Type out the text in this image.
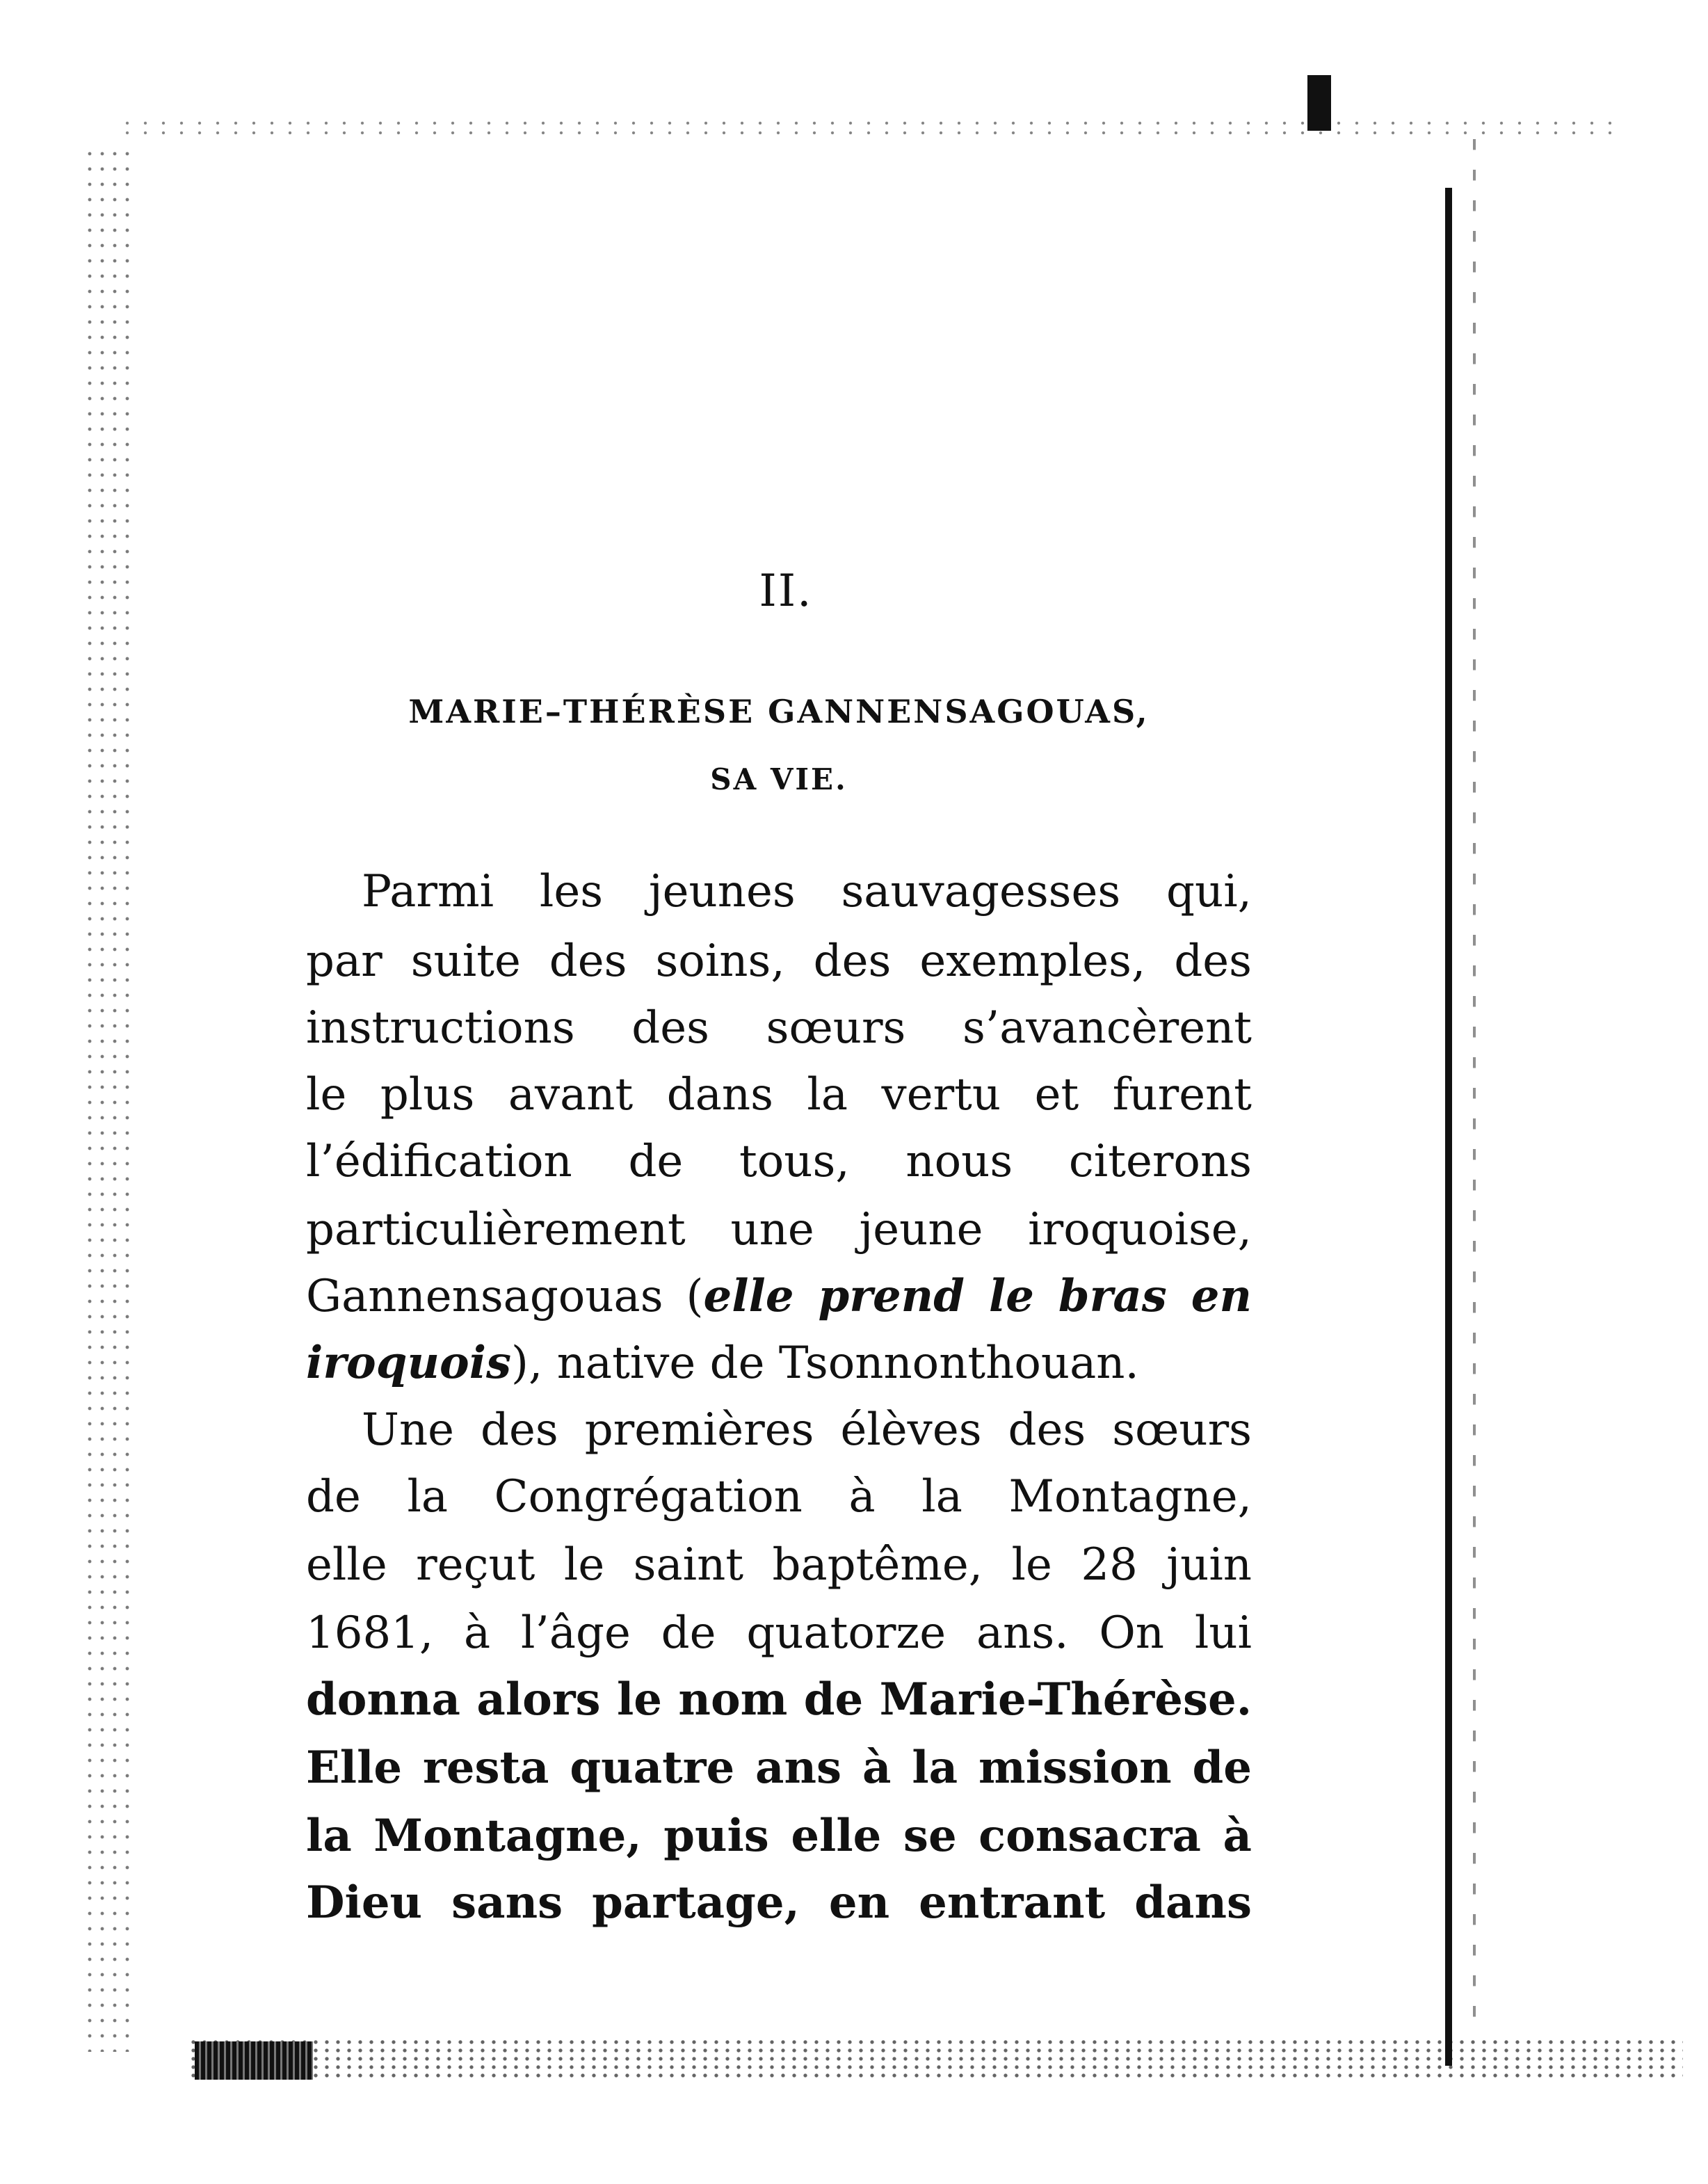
II.
MARIE–THÉRÈSE GANNENSAGOUAS,
SA VIE.
Parmi les jeunes sauvagesses qui,
par suite des soins, des exemples, des
instructions des sœurs s’avancèrent
le plus avant dans la vertu et furent
l’édification de tous, nous citerons
particulièrement une jeune iroquoise,
Gannensagouas (elle prend le bras en
iroquois), native de Tsonnonthouan.
Une des premières élèves des sœurs
de la Congrégation à la Montagne,
elle reçut le saint baptême, le 28 juin
1681, à l’âge de quatorze ans. On lui
donna alors le nom de Marie-Thérèse.
Elle resta quatre ans à la mission de
la Montagne, puis elle se consacra à
Dieu sans partage, en entrant dans
